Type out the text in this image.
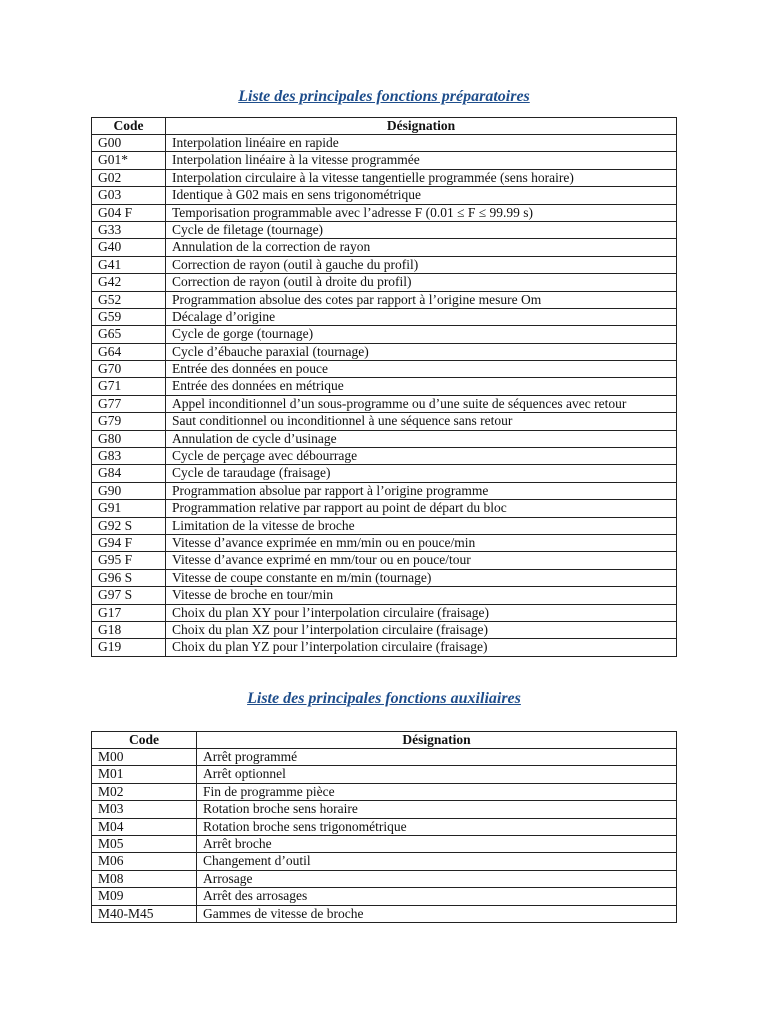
Liste des principales fonctions préparatoires
Code	Désignation
G00	Interpolation linéaire en rapide
G01*	Interpolation linéaire à la vitesse programmée
G02	Interpolation circulaire à la vitesse tangentielle programmée (sens horaire)
G03	Identique à G02 mais en sens trigonométrique
G04 F	Temporisation programmable avec l’adresse F (0.01 ≤ F ≤ 99.99 s)
G33	Cycle de filetage (tournage)
G40	Annulation de la correction de rayon
G41	Correction de rayon (outil à gauche du profil)
G42	Correction de rayon (outil à droite du profil)
G52	Programmation absolue des cotes par rapport à l’origine mesure Om
G59	Décalage d’origine
G65	Cycle de gorge (tournage)
G64	Cycle d’ébauche paraxial (tournage)
G70	Entrée des données en pouce
G71	Entrée des données en métrique
G77	Appel inconditionnel d’un sous-programme ou d’une suite de séquences avec retour
G79	Saut conditionnel ou inconditionnel à une séquence sans retour
G80	Annulation de cycle d’usinage
G83	Cycle de perçage avec débourrage
G84	Cycle de taraudage (fraisage)
G90	Programmation absolue par rapport à l’origine programme
G91	Programmation relative par rapport au point de départ du bloc
G92 S	Limitation de la vitesse de broche
G94 F	Vitesse d’avance exprimée en mm/min ou en pouce/min
G95 F	Vitesse d’avance exprimé en mm/tour ou en pouce/tour
G96 S	Vitesse de coupe constante en m/min (tournage)
G97 S	Vitesse de broche en tour/min
G17	Choix du plan XY pour l’interpolation circulaire (fraisage)
G18	Choix du plan XZ pour l’interpolation circulaire (fraisage)
G19	Choix du plan YZ pour l’interpolation circulaire (fraisage)
Liste des principales fonctions auxiliaires
Code	Désignation
M00	Arrêt programmé
M01	Arrêt optionnel
M02	Fin de programme pièce
M03	Rotation broche sens horaire
M04	Rotation broche sens trigonométrique
M05	Arrêt broche
M06	Changement d’outil
M08	Arrosage
M09	Arrêt des arrosages
M40-M45	Gammes de vitesse de broche
